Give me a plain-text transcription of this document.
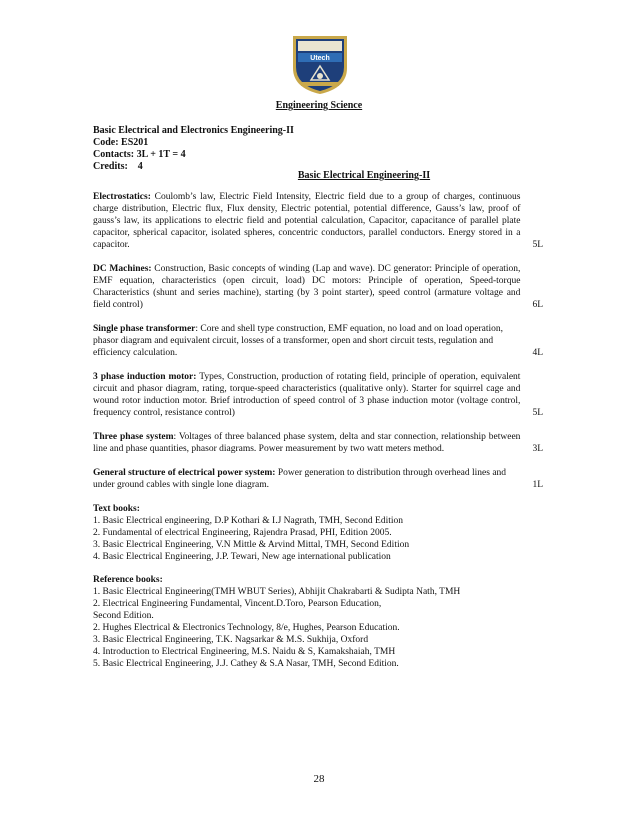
Utech
Engineering Science
Basic Electrical and Electronics Engineering-II
Code: ES201
Contacts: 3L + 1T = 4
Credits:    4
Basic Electrical Engineering-II
Electrostatics: Coulomb’s law, Electric Field Intensity, Electric field due to a group of charges, continuous charge distribution, Electric flux, Flux density, Electric potential, potential difference, Gauss’s law, proof of gauss’s law, its applications to electric field and potential calculation, Capacitor, capacitance of parallel plate capacitor, spherical capacitor, isolated spheres, concentric conductors, parallel conductors. Energy stored in a capacitor.	5L
DC Machines: Construction, Basic concepts of winding (Lap and wave). DC generator: Principle of operation, EMF equation, characteristics (open circuit, load) DC motors: Principle of operation, Speed-torque Characteristics (shunt and series machine), starting (by 3 point starter), speed control (armature voltage and field control)	6L
Single phase transformer: Core and shell type construction, EMF equation, no load and on load operation, phasor diagram and equivalent circuit, losses of a transformer, open and short circuit tests, regulation and efficiency calculation.	4L
3 phase induction motor: Types, Construction, production of rotating field, principle of operation, equivalent circuit and phasor diagram, rating, torque-speed characteristics (qualitative only). Starter for squirrel cage and wound rotor induction motor. Brief introduction of speed control of 3 phase induction motor (voltage control, frequency control, resistance control)	5L
Three phase system: Voltages of three balanced phase system, delta and star connection, relationship between line and phase quantities, phasor diagrams. Power measurement by two watt meters method.	3L
General structure of electrical power system: Power generation to distribution through overhead lines and under ground cables with single lone diagram.	1L
Text books:
1. Basic Electrical engineering, D.P Kothari & I.J Nagrath, TMH, Second Edition
2. Fundamental of electrical Engineering, Rajendra Prasad, PHI, Edition 2005.
3. Basic Electrical Engineering, V.N Mittle & Arvind Mittal, TMH, Second Edition
4. Basic Electrical Engineering, J.P. Tewari, New age international publication
Reference books:
1. Basic Electrical Engineering(TMH WBUT Series), Abhijit Chakrabarti & Sudipta Nath, TMH
2. Electrical Engineering Fundamental, Vincent.D.Toro, Pearson Education,
Second Edition.
2. Hughes Electrical & Electronics Technology, 8/e, Hughes, Pearson Education.
3. Basic Electrical Engineering, T.K. Nagsarkar & M.S. Sukhija, Oxford
4. Introduction to Electrical Engineering, M.S. Naidu & S, Kamakshaiah, TMH
5. Basic Electrical Engineering, J.J. Cathey & S.A Nasar, TMH, Second Edition.
28
